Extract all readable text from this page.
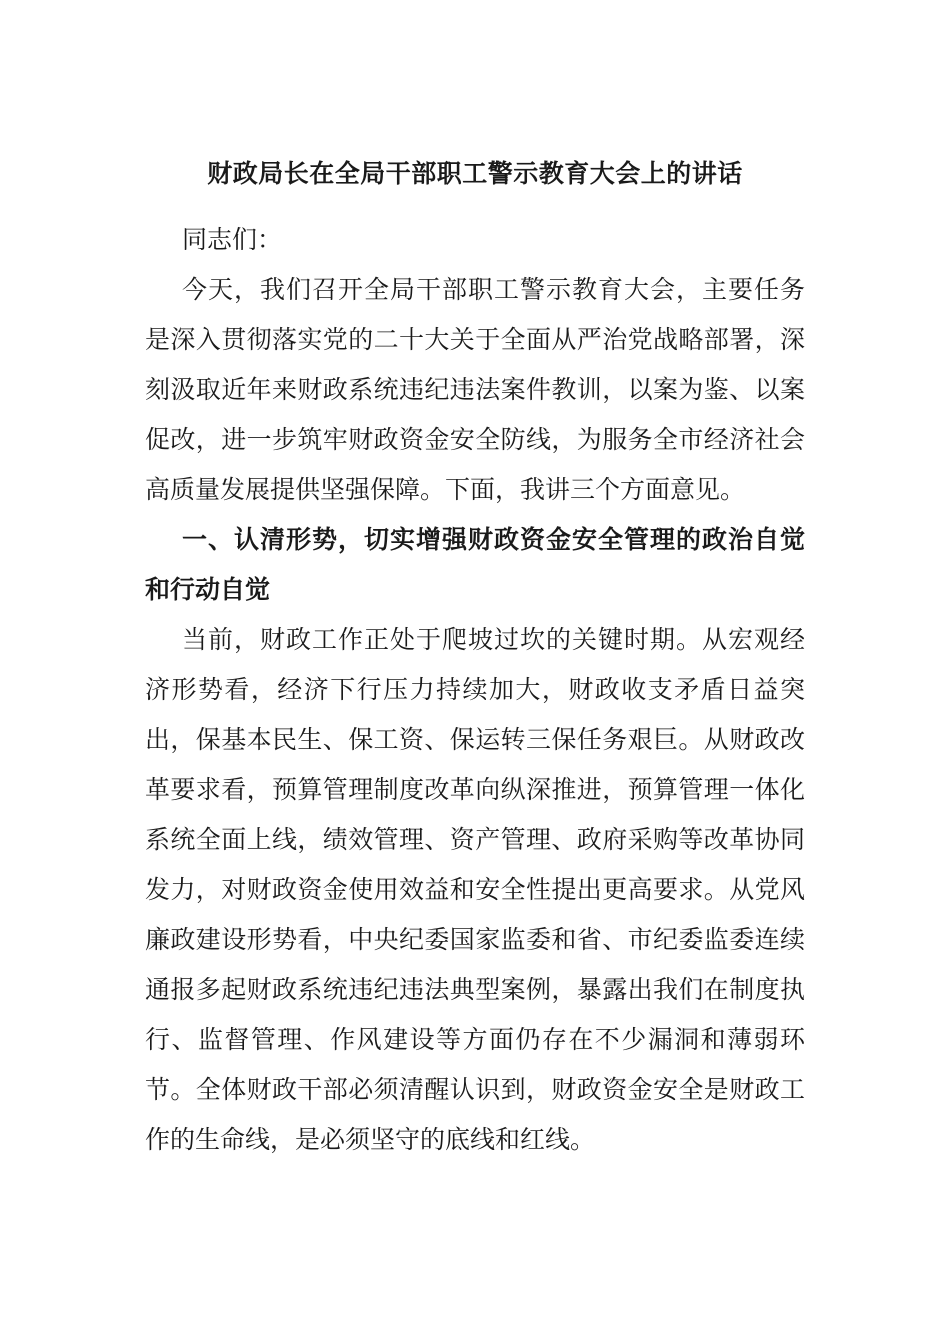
财政局长在全局干部职工警示教育大会上的讲话

同志们：

今天，我们召开全局干部职工警示教育大会，主要任务是深入贯彻落实党的二十大关于全面从严治党战略部署，深刻汲取近年来财政系统违纪违法案件教训，以案为鉴、以案促改，进一步筑牢财政资金安全防线，为服务全市经济社会高质量发展提供坚强保障。下面，我讲三个方面意见。

一、认清形势，切实增强财政资金安全管理的政治自觉和行动自觉

当前，财政工作正处于爬坡过坎的关键时期。从宏观经济形势看，经济下行压力持续加大，财政收支矛盾日益突出，保基本民生、保工资、保运转三保任务艰巨。从财政改革要求看，预算管理制度改革向纵深推进，预算管理一体化系统全面上线，绩效管理、资产管理、政府采购等改革协同发力，对财政资金使用效益和安全性提出更高要求。从党风廉政建设形势看，中央纪委国家监委和省、市纪委监委连续通报多起财政系统违纪违法典型案例，暴露出我们在制度执行、监督管理、作风建设等方面仍存在不少漏洞和薄弱环节。全体财政干部必须清醒认识到，财政资金安全是财政工作的生命线，是必须坚守的底线和红线。
